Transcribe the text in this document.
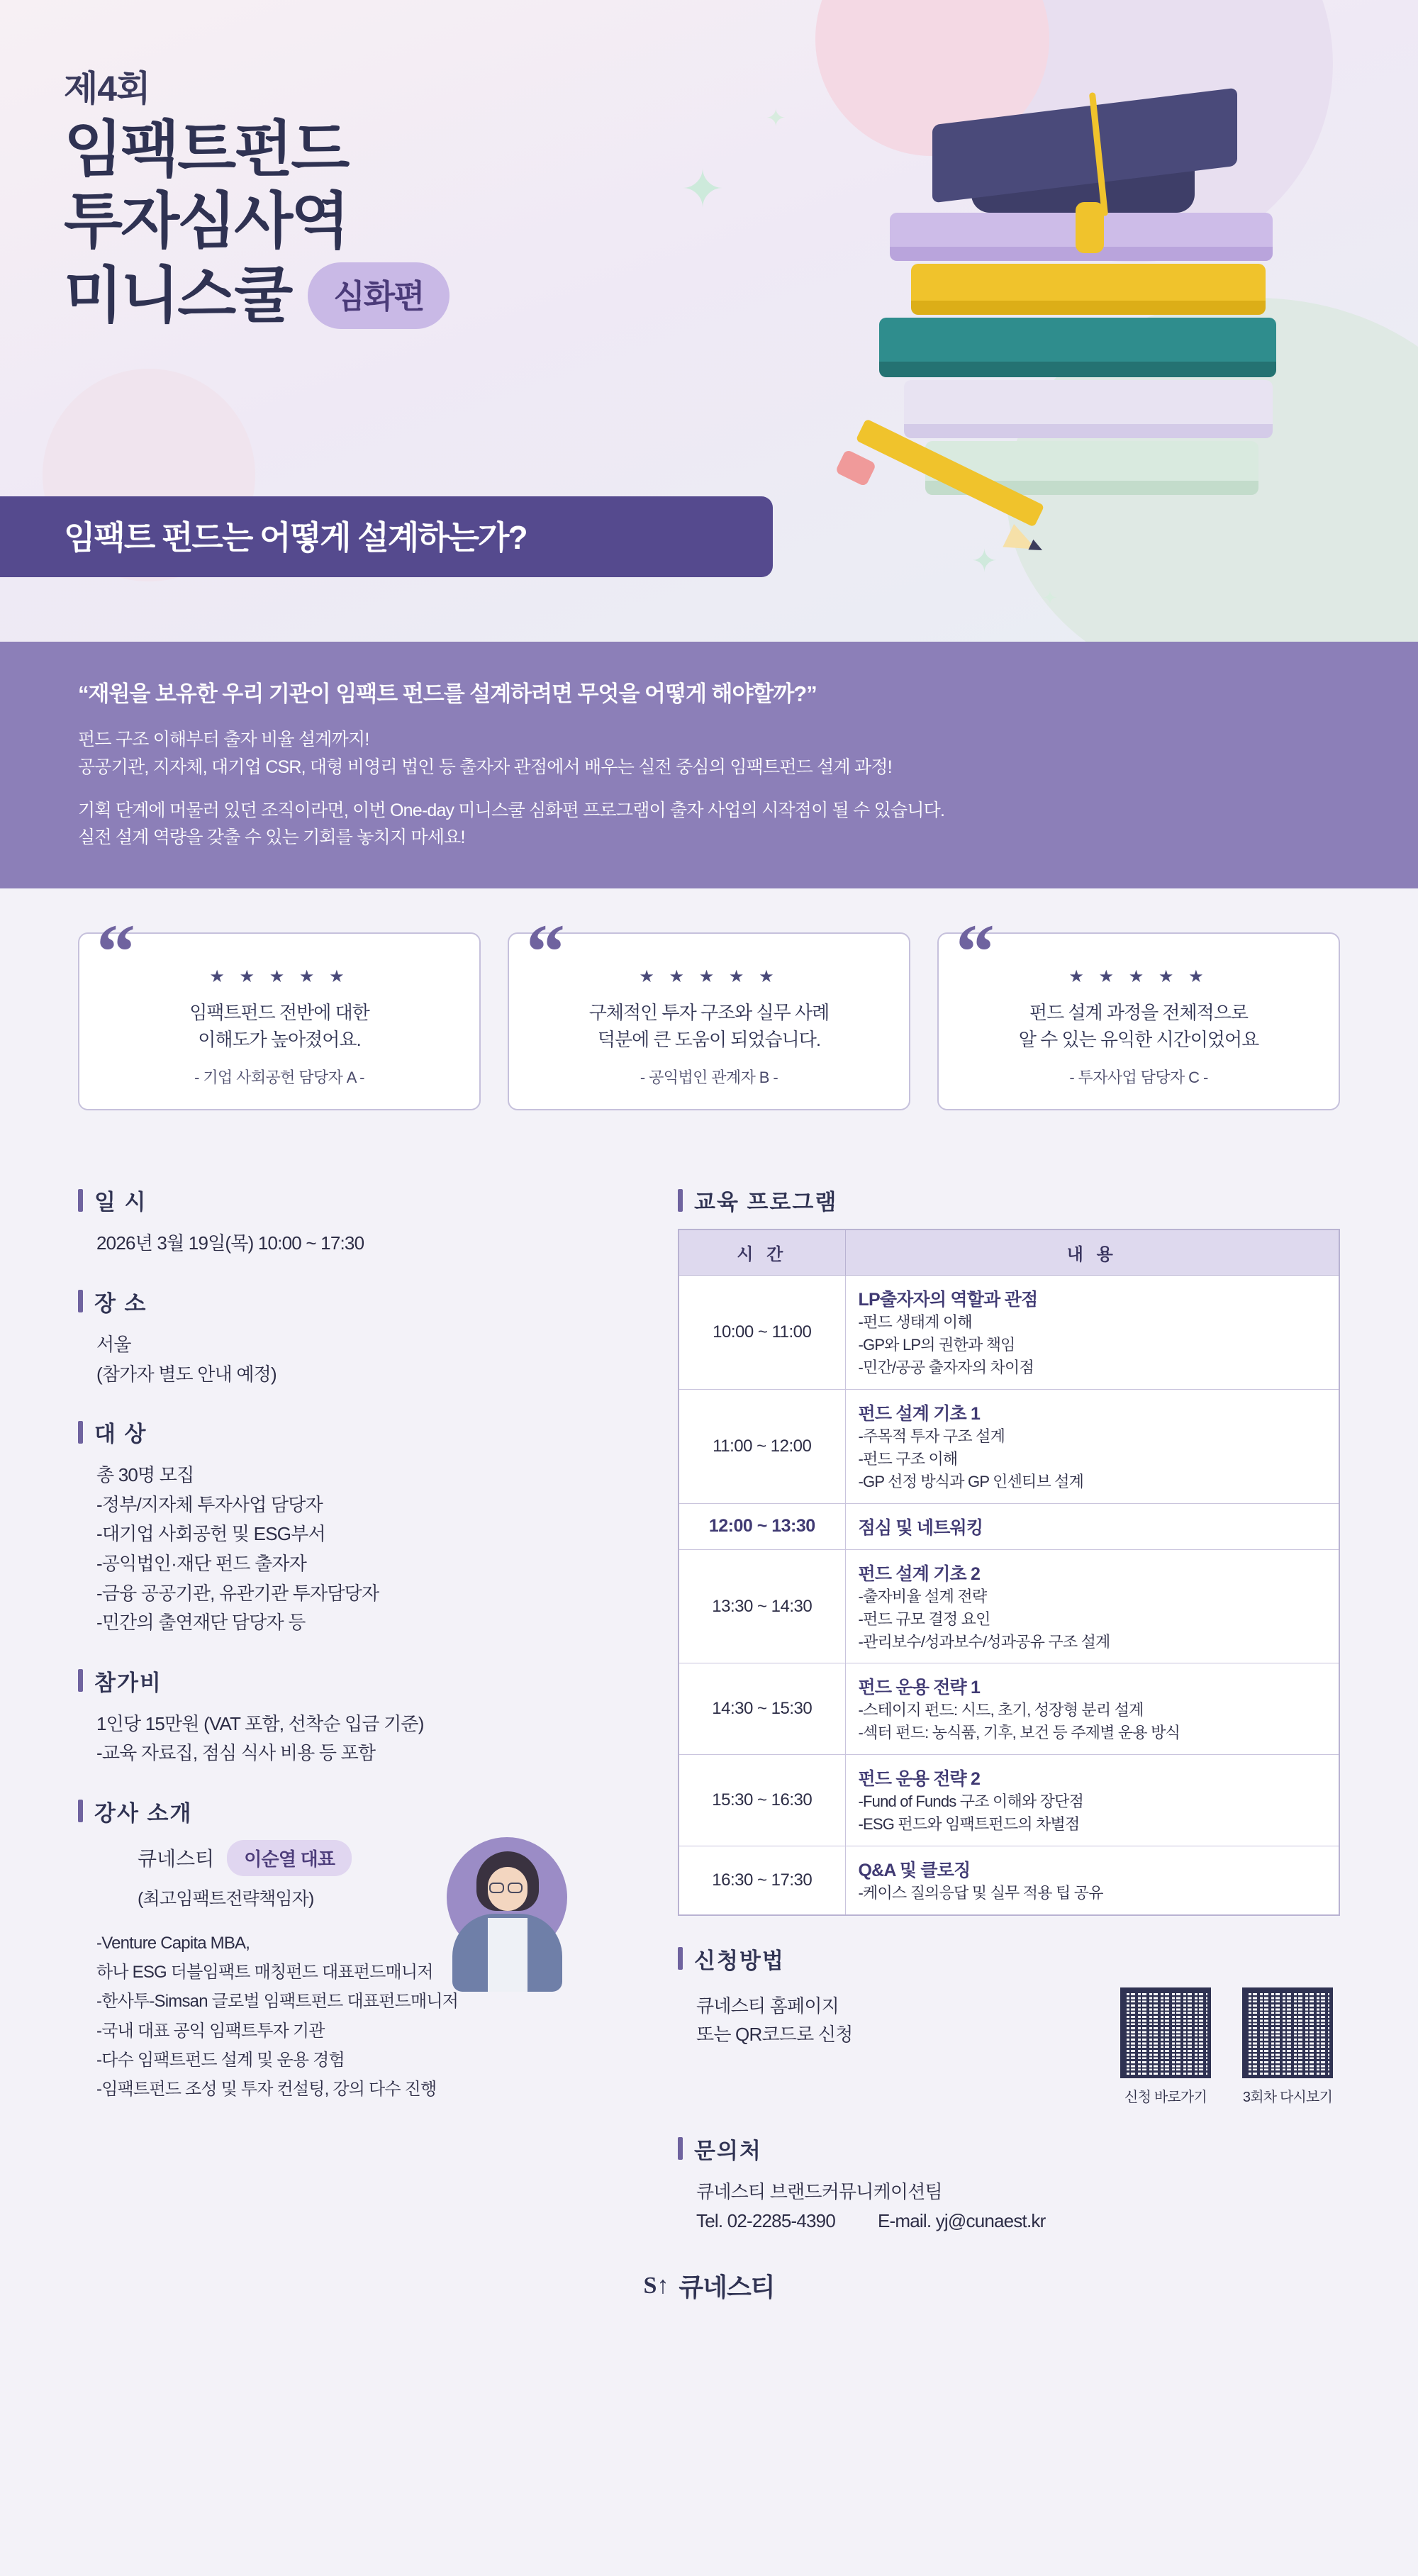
✦
✦
✦
✦
제4회
임팩트펀드
투자심사역
미니스쿨	심화편
임팩트 펀드는 어떻게 설계하는가?
“재원을 보유한 우리 기관이 임팩트 펀드를 설계하려면 무엇을 어떻게 해야할까?”
펀드 구조 이해부터 출자 비율 설계까지!
공공기관, 지자체, 대기업 CSR, 대형 비영리 법인 등 출자자 관점에서 배우는 실전 중심의 임팩트펀드 설계 과정!
기획 단계에 머물러 있던 조직이라면, 이번 One-day 미니스쿨 심화편 프로그램이 출자 사업의 시작점이 될 수 있습니다.
실전 설계 역량을 갖출 수 있는 기회를 놓치지 마세요!
“	★ ★ ★ ★ ★
임팩트펀드 전반에 대한
이해도가 높아졌어요.
- 기업 사회공헌 담당자 A -
“	★ ★ ★ ★ ★
구체적인 투자 구조와 실무 사례
덕분에 큰 도움이 되었습니다.
- 공익법인 관계자 B -
“	★ ★ ★ ★ ★
펀드 설계 과정을 전체적으로
알 수 있는 유익한 시간이었어요
- 투자사업 담당자 C -
일 시
2026년 3월 19일(목) 10:00 ~ 17:30
장 소
서울
(참가자 별도 안내 예정)
대 상
총 30명 모집
-정부/지자체 투자사업 담당자
-대기업 사회공헌 및 ESG부서
-공익법인·재단 펀드 출자자
-금융 공공기관, 유관기관 투자담당자
-민간의 출연재단 담당자 등
참가비
1인당 15만원 (VAT 포함, 선착순 입금 기준)
-교육 자료집, 점심 식사 비용 등 포함
강사 소개
큐네스티	이순열 대표
(최고임팩트전략책임자)
-Venture Capita MBA,
하나 ESG 더블임팩트 매칭펀드 대표펀드매니저
-한사투-Simsan 글로벌 임팩트펀드 대표펀드매니저
-국내 대표 공익 임팩트투자 기관
-다수 임팩트펀드 설계 및 운용 경험
-임팩트펀드 조성 및 투자 컨설팅, 강의 다수 진행
교육 프로그램
시 간	내 용
10:00 ~ 11:00	LP출자자의 역할과 관점
-펀드 생태계 이해
-GP와 LP의 권한과 책임
-민간/공공 출자자의 차이점

11:00 ~ 12:00	펀드 설계 기초 1
-주목적 투자 구조 설계
-펀드 구조 이해
-GP 선정 방식과 GP 인센티브 설계

12:00 ~ 13:30	점심 및 네트워킹

13:30 ~ 14:30	펀드 설계 기초 2
-출자비율 설계 전략
-펀드 규모 결정 요인
-관리보수/성과보수/성과공유 구조 설계

14:30 ~ 15:30	펀드 운용 전략 1
-스테이지 펀드: 시드, 초기, 성장형 분리 설계
-섹터 펀드: 농식품, 기후, 보건 등 주제별 운용 방식

15:30 ~ 16:30	펀드 운용 전략 2
-Fund of Funds 구조 이해와 장단점
-ESG 펀드와 임팩트펀드의 차별점

16:30 ~ 17:30	Q&A 및 클로징
-케이스 질의응답 및 실무 적용 팁 공유
신청방법
큐네스티 홈페이지
또는 QR코드로 신청
신청 바로가기	3회차 다시보기
문의처
큐네스티 브랜드커뮤니케이션팀
Tel. 02-2285-4390 E-mail. yj@cunaest.kr
S↑ 큐네스티
